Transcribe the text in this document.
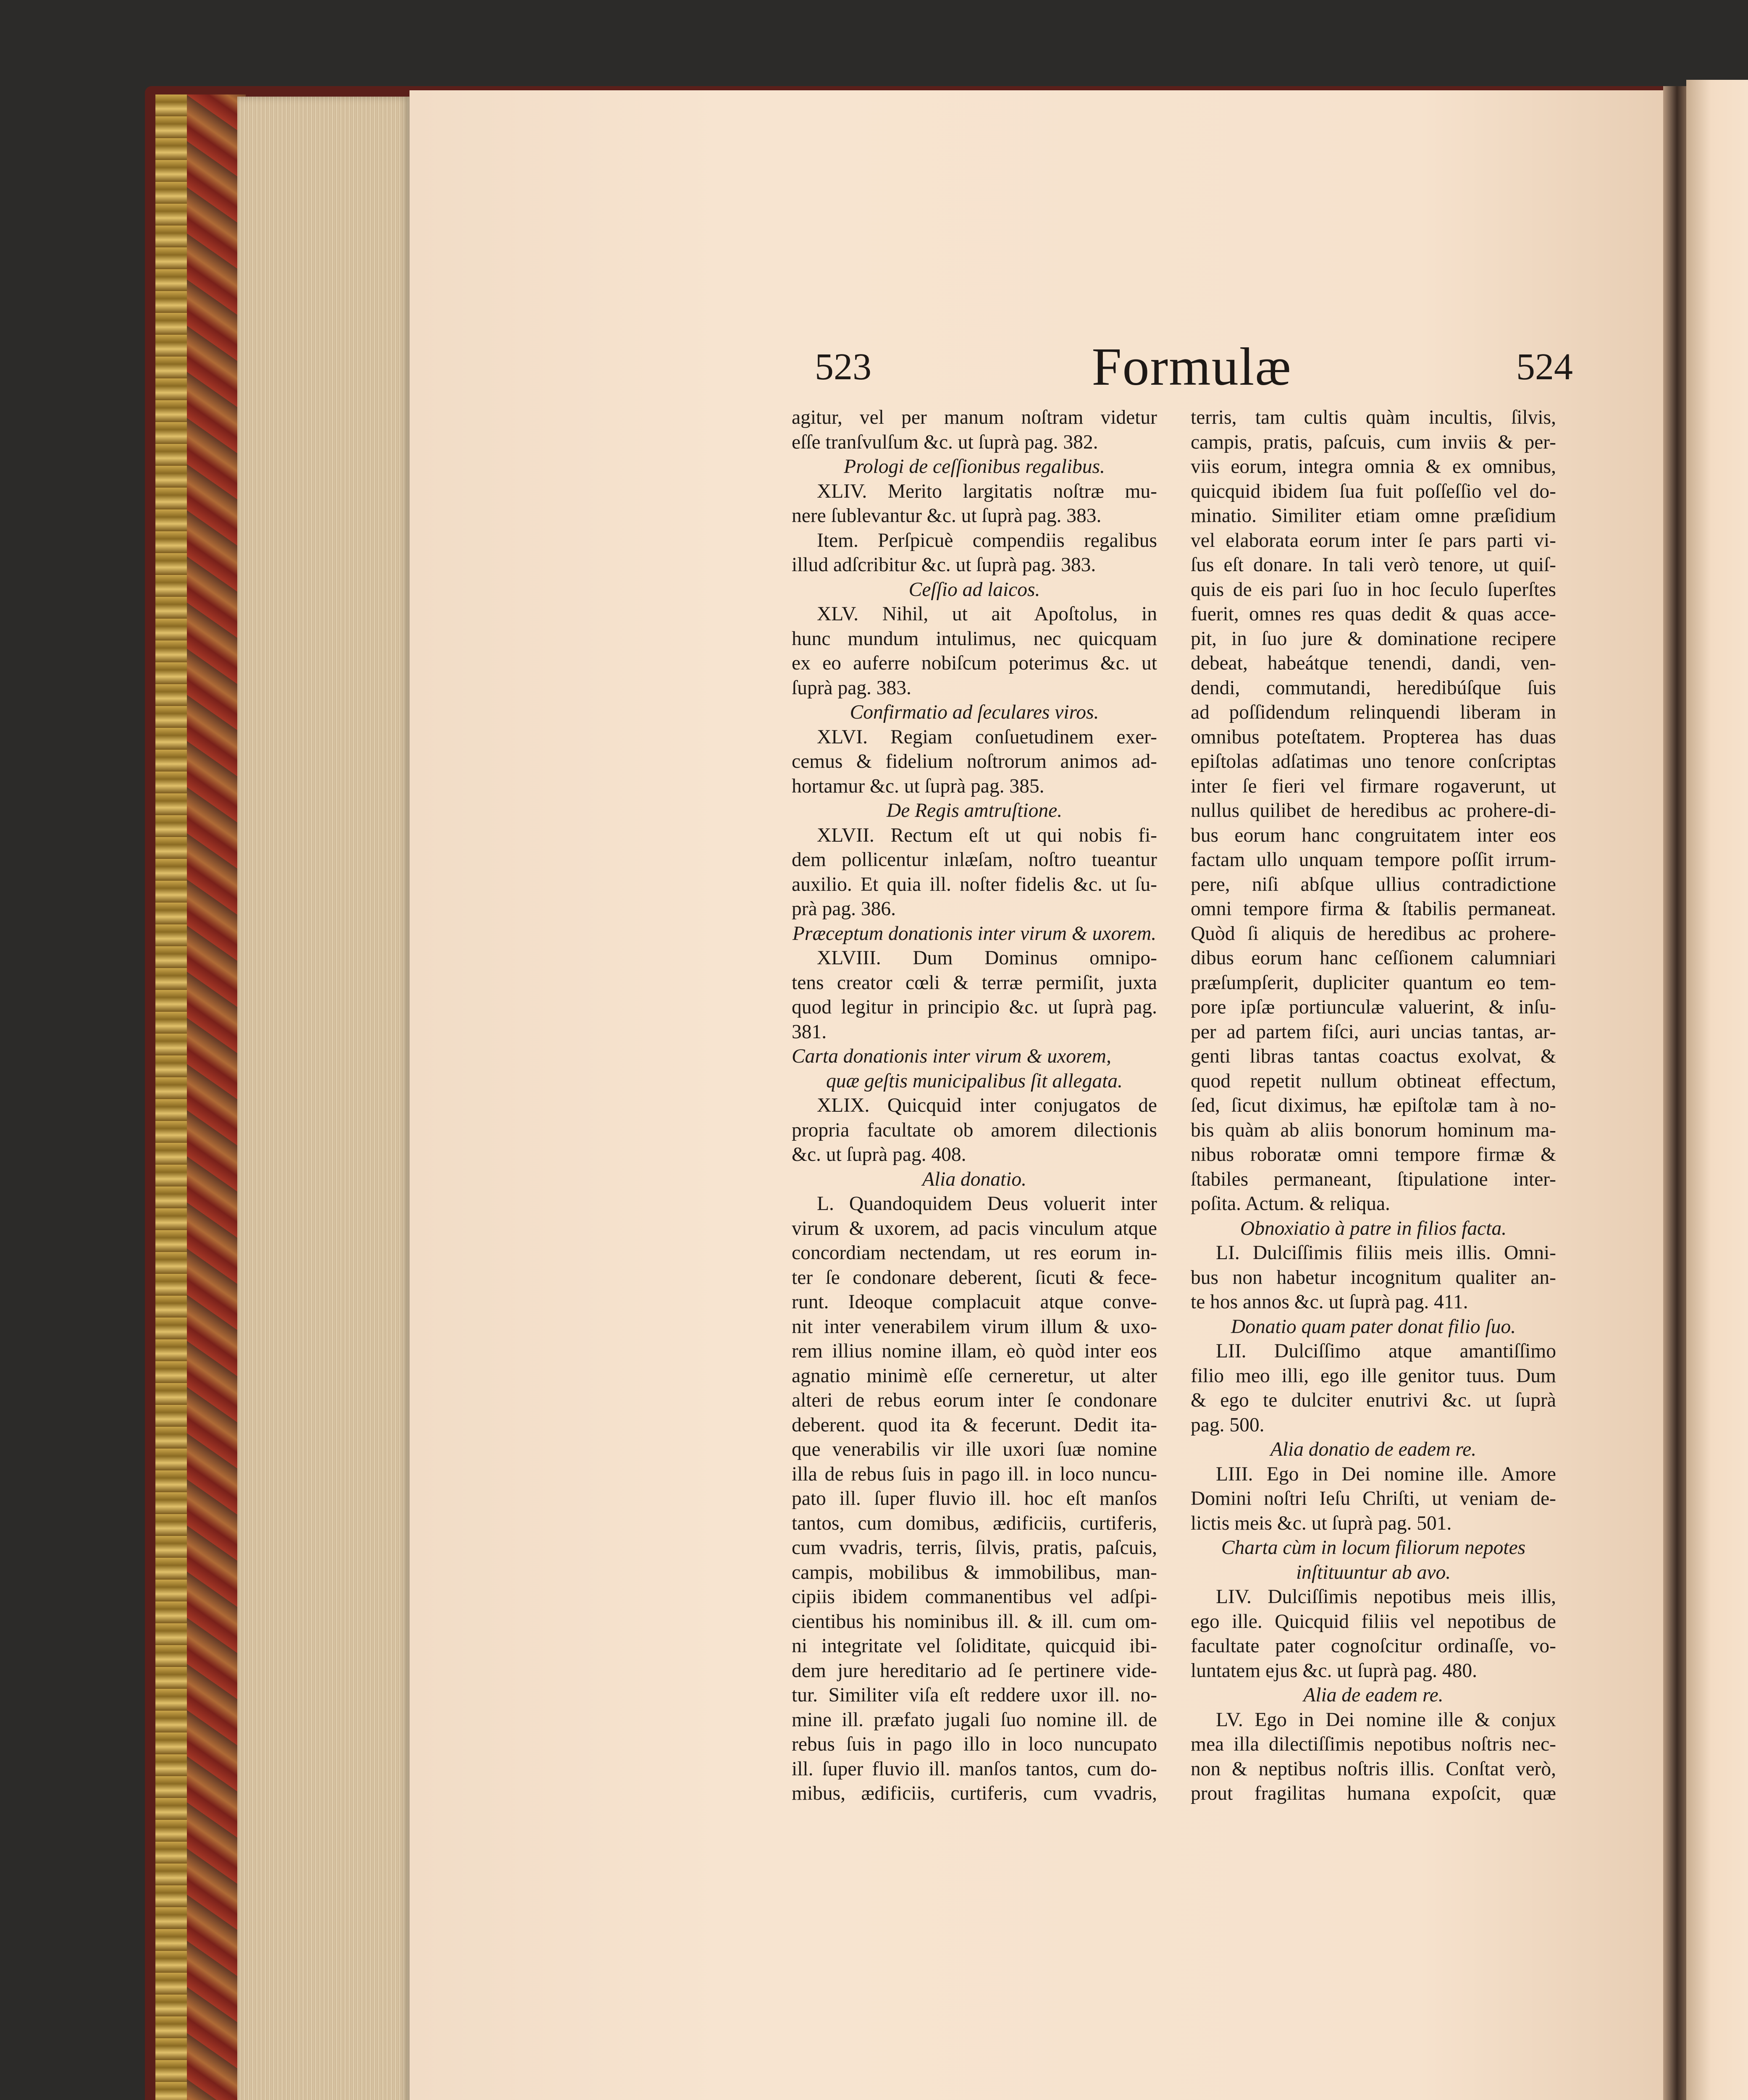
523	Formulæ	524
agitur, vel per manum noſtram videtur
eſſe tranſvulſum &c. ut ſuprà pag. 382.
Prologi de ceſſionibus regalibus.
XLIV. Merito largitatis noſtræ mu-
nere ſublevantur &c. ut ſuprà pag. 383.
Item. Perſpicuè compendiis regalibus
illud adſcribitur &c. ut ſuprà pag. 383.
Ceſſio ad laicos.
XLV. Nihil, ut ait Apoſtolus, in
hunc mundum intulimus, nec quicquam
ex eo auferre nobiſcum poterimus &c. ut
ſuprà pag. 383.
Confirmatio ad ſeculares viros.
XLVI. Regiam conſuetudinem exer-
cemus & fidelium noſtrorum animos ad-
hortamur &c. ut ſuprà pag. 385.
De Regis amtruſtione.
XLVII. Rectum eſt ut qui nobis fi-
dem pollicentur inlæſam, noſtro tueantur
auxilio. Et quia ill. noſter fidelis &c. ut ſu-
prà pag. 386.
Præceptum donationis inter virum & uxorem.
XLVIII. Dum Dominus omnipo-
tens creator cœli & terræ permiſit, juxta
quod legitur in principio &c. ut ſuprà pag.
381.
Carta donationis inter virum & uxorem,
quæ geſtis municipalibus ſit allegata.
XLIX. Quicquid inter conjugatos de
propria facultate ob amorem dilectionis
&c. ut ſuprà pag. 408.
Alia donatio.
L. Quandoquidem Deus voluerit inter
virum & uxorem, ad pacis vinculum atque
concordiam nectendam, ut res eorum in-
ter ſe condonare deberent, ſicuti & fece-
runt. Ideoque complacuit atque conve-
nit inter venerabilem virum illum & uxo-
rem illius nomine illam, eò quòd inter eos
agnatio minimè eſſe cerneretur, ut alter
alteri de rebus eorum inter ſe condonare
deberent. quod ita & fecerunt. Dedit ita-
que venerabilis vir ille uxori ſuæ nomine
illa de rebus ſuis in pago ill. in loco nuncu-
pato ill. ſuper fluvio ill. hoc eſt manſos
tantos, cum domibus, ædificiis, curtiferis,
cum vvadris, terris, ſilvis, pratis, paſcuis,
campis, mobilibus & immobilibus, man-
cipiis ibidem commanentibus vel adſpi-
cientibus his nominibus ill. & ill. cum om-
ni integritate vel ſoliditate, quicquid ibi-
dem jure hereditario ad ſe pertinere vide-
tur. Similiter viſa eſt reddere uxor ill. no-
mine ill. præfato jugali ſuo nomine ill. de
rebus ſuis in pago illo in loco nuncupato
ill. ſuper fluvio ill. manſos tantos, cum do-
mibus, ædificiis, curtiferis, cum vvadris,
terris, tam cultis quàm incultis, ſilvis,
campis, pratis, paſcuis, cum inviis & per-
viis eorum, integra omnia & ex omnibus,
quicquid ibidem ſua fuit poſſeſſio vel do-
minatio. Similiter etiam omne præſidium
vel elaborata eorum inter ſe pars parti vi-
ſus eſt donare. In tali verò tenore, ut quiſ-
quis de eis pari ſuo in hoc ſeculo ſuperſtes
fuerit, omnes res quas dedit & quas acce-
pit, in ſuo jure & dominatione recipere
debeat, habeátque tenendi, dandi, ven-
dendi, commutandi, heredibúſque ſuis
ad poſſidendum relinquendi liberam in
omnibus poteſtatem. Propterea has duas
epiſtolas adſatimas uno tenore conſcriptas
inter ſe fieri vel firmare rogaverunt, ut
nullus quilibet de heredibus ac prohere-di-
bus eorum hanc congruitatem inter eos
factam ullo unquam tempore poſſit irrum-
pere, niſi abſque ullius contradictione
omni tempore firma & ſtabilis permaneat.
Quòd ſi aliquis de heredibus ac prohere-
dibus eorum hanc ceſſionem calumniari
præſumpſerit, dupliciter quantum eo tem-
pore ipſæ portiunculæ valuerint, & inſu-
per ad partem fiſci, auri uncias tantas, ar-
genti libras tantas coactus exolvat, &
quod repetit nullum obtineat effectum,
ſed, ſicut diximus, hæ epiſtolæ tam à no-
bis quàm ab aliis bonorum hominum ma-
nibus roboratæ omni tempore firmæ &
ſtabiles permaneant, ſtipulatione inter-
poſita. Actum. & reliqua.
Obnoxiatio à patre in filios facta.
LI. Dulciſſimis filiis meis illis. Omni-
bus non habetur incognitum qualiter an-
te hos annos &c. ut ſuprà pag. 411.
Donatio quam pater donat filio ſuo.
LII. Dulciſſimo atque amantiſſimo
filio meo illi, ego ille genitor tuus. Dum
& ego te dulciter enutrivi &c. ut ſuprà
pag. 500.
Alia donatio de eadem re.
LIII. Ego in Dei nomine ille. Amore
Domini noſtri Ieſu Chriſti, ut veniam de-
lictis meis &c. ut ſuprà pag. 501.
Charta cùm in locum filiorum nepotes
inſtituuntur ab avo.
LIV. Dulciſſimis nepotibus meis illis,
ego ille. Quicquid filiis vel nepotibus de
facultate pater cognoſcitur ordinaſſe, vo-
luntatem ejus &c. ut ſuprà pag. 480.
Alia de eadem re.
LV. Ego in Dei nomine ille & conjux
mea illa dilectiſſimis nepotibus noſtris nec-
non & neptibus noſtris illis. Conſtat verò,
prout fragilitas humana expoſcit, quæ
